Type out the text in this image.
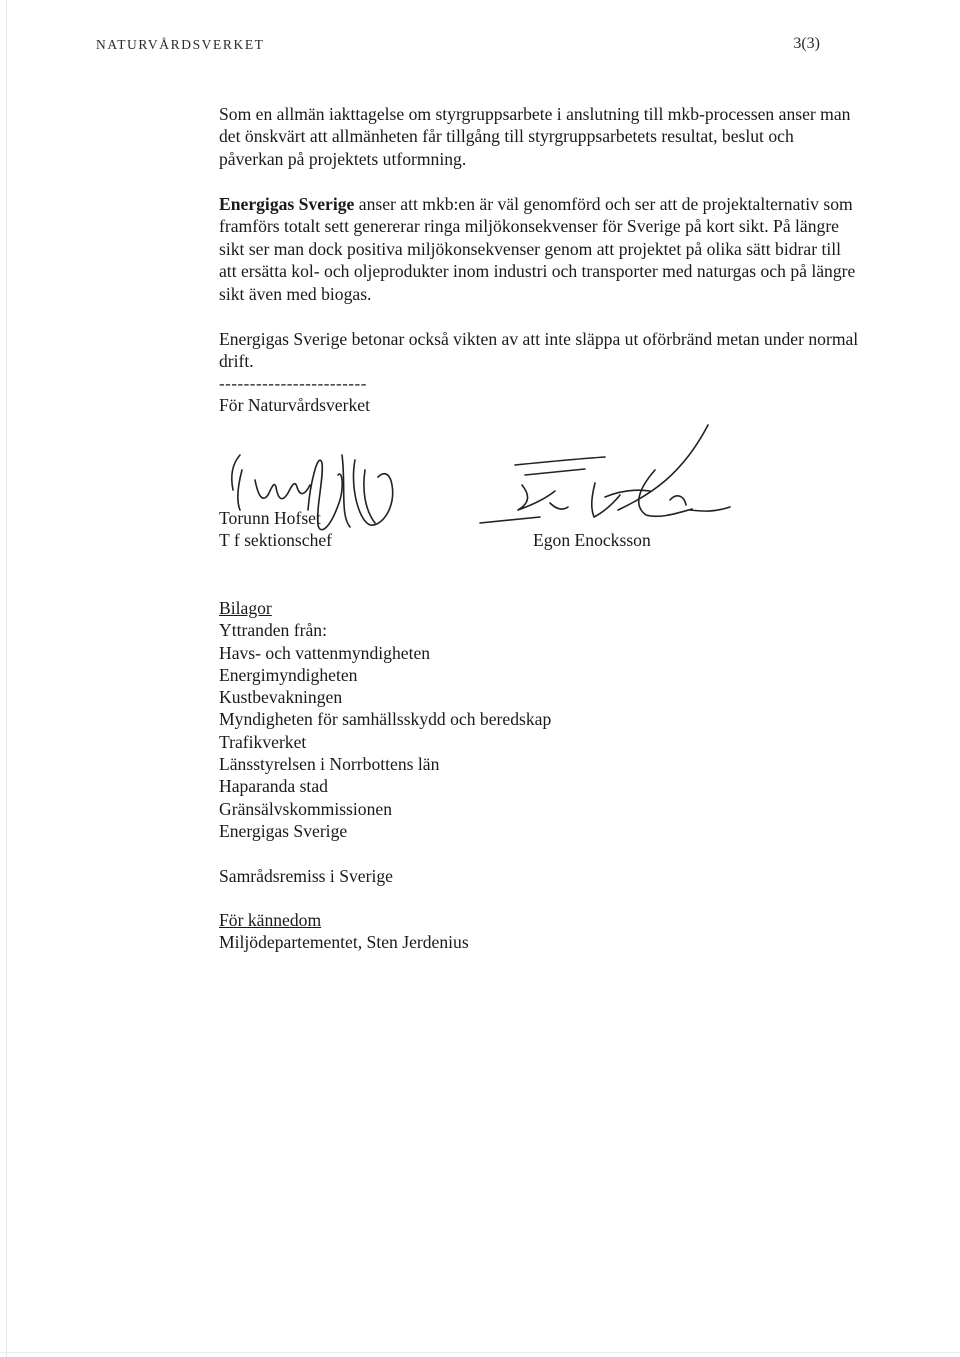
NATURVÅRDSVERKET	3(3)

Som en allmän iakttagelse om styrgruppsarbete i anslutning till mkb-processen anser man det önskvärt att allmänheten får tillgång till styrgruppsarbetets resultat, beslut och påverkan på projektets utformning.

Energigas Sverige anser att mkb:en är väl genomförd och ser att de projektalternativ som framförs totalt sett genererar ringa miljökonsekvenser för Sverige på kort sikt. På längre sikt ser man dock positiva miljökonsekvenser genom att projektet på olika sätt bidrar till att ersätta kol- och oljeprodukter inom industri och transporter med naturgas och på längre sikt även med biogas.

Energigas Sverige betonar också vikten av att inte släppa ut oförbränd metan under normal drift.

------------------------
För Naturvårdsverket
Torunn Hofset
T f sektionschef	Egon Enocksson
Bilagor
Yttranden från:
Havs- och vattenmyndigheten
Energimyndigheten
Kustbevakningen
Myndigheten för samhällsskydd och beredskap
Trafikverket
Länsstyrelsen i Norrbottens län
Haparanda stad
Gränsälvskommissionen
Energigas Sverige
Samrådsremiss i Sverige
För kännedom
Miljödepartementet, Sten Jerdenius
